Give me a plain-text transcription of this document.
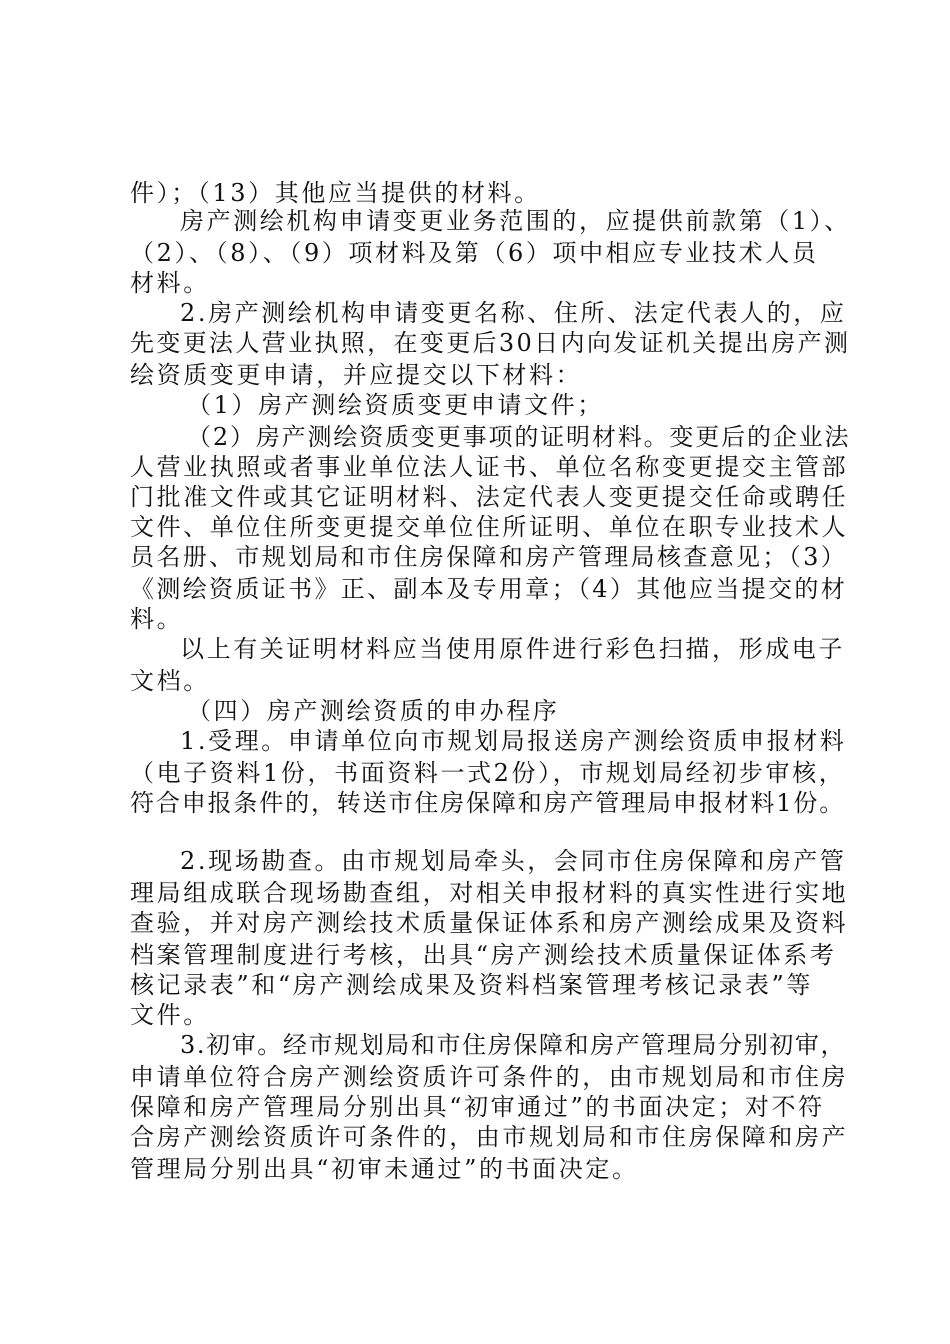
件）；（13）其他应当提供的材料。
房产测绘机构申请变更业务范围的，应提供前款第（1）、
（2）、（8）、（9）项材料及第（6）项中相应专业技术人员
材料。
2.房产测绘机构申请变更名称、住所、法定代表人的，应
先变更法人营业执照，在变更后30日内向发证机关提出房产测
绘资质变更申请，并应提交以下材料：
（1）房产测绘资质变更申请文件；
（2）房产测绘资质变更事项的证明材料。变更后的企业法
人营业执照或者事业单位法人证书、单位名称变更提交主管部
门批准文件或其它证明材料、法定代表人变更提交任命或聘任
文件、单位住所变更提交单位住所证明、单位在职专业技术人
员名册、市规划局和市住房保障和房产管理局核查意见；（3）
《测绘资质证书》正、副本及专用章；（4）其他应当提交的材
料。
以上有关证明材料应当使用原件进行彩色扫描，形成电子
文档。
（四）房产测绘资质的申办程序
1.受理。申请单位向市规划局报送房产测绘资质申报材料
（电子资料1份，书面资料一式2份），市规划局经初步审核，
符合申报条件的，转送市住房保障和房产管理局申报材料1份。
2.现场勘查。由市规划局牵头，会同市住房保障和房产管
理局组成联合现场勘查组，对相关申报材料的真实性进行实地
查验，并对房产测绘技术质量保证体系和房产测绘成果及资料
档案管理制度进行考核，出具“房产测绘技术质量保证体系考
核记录表”和“房产测绘成果及资料档案管理考核记录表”等
文件。
3.初审。经市规划局和市住房保障和房产管理局分别初审，
申请单位符合房产测绘资质许可条件的，由市规划局和市住房
保障和房产管理局分别出具“初审通过”的书面决定；对不符
合房产测绘资质许可条件的，由市规划局和市住房保障和房产
管理局分别出具“初审未通过”的书面决定。
